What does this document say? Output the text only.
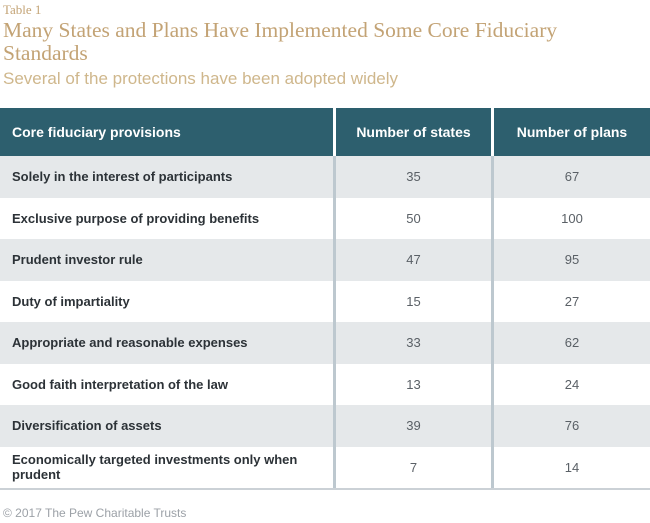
Table 1
Many States and Plans Have Implemented Some Core Fiduciary Standards
Several of the protections have been adopted widely
Core fiduciary provisions	Number of states	Number of plans
Solely in the interest of participants	35	67
Exclusive purpose of providing benefits	50	100
Prudent investor rule	47	95
Duty of impartiality	15	27
Appropriate and reasonable expenses	33	62
Good faith interpretation of the law	13	24
Diversification of assets	39	76
Economically targeted investments only when prudent	7	14
© 2017 The Pew Charitable Trusts
